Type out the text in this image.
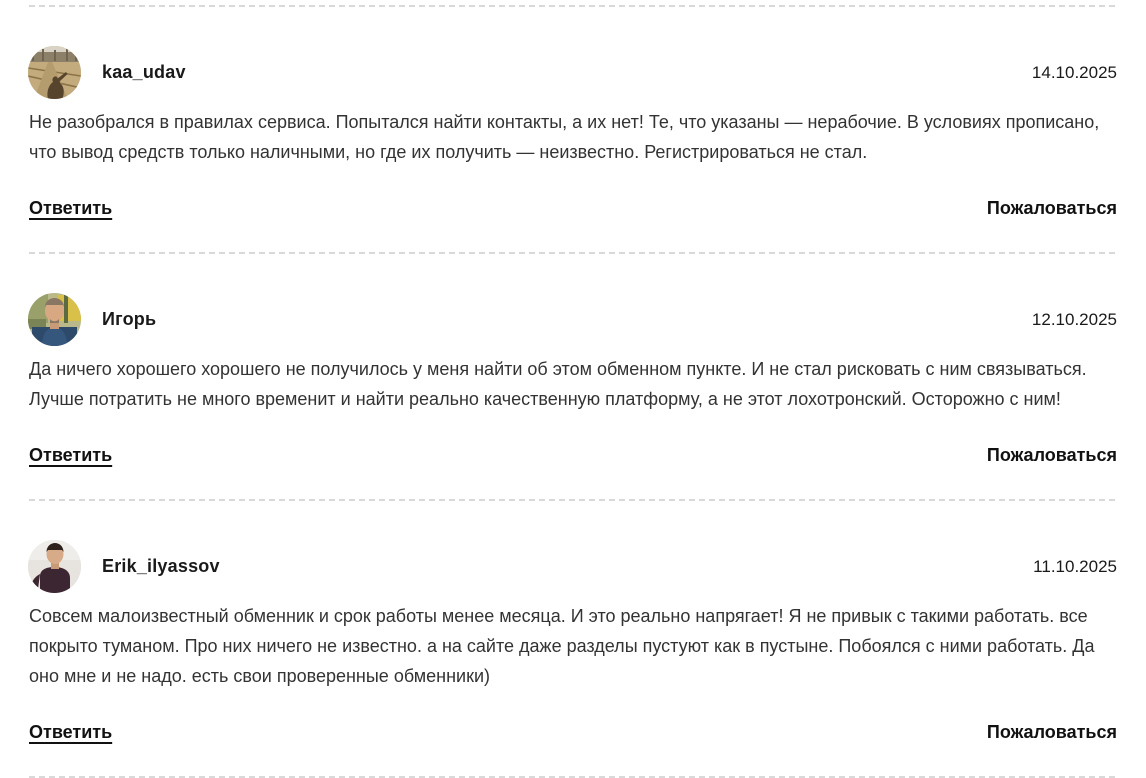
kaa_udav	14.10.2025
Не разобрался в правилах сервиса. Попытался найти контакты, а их нет! Те, что указаны — нерабочие. В условиях прописано, что вывод средств только наличными, но где их получить — неизвестно. Регистрироваться не стал.
Ответить	Пожаловаться
Игорь	12.10.2025
Да ничего хорошего хорошего не получилось у меня найти об этом обменном пункте. И не стал рисковать с ним связываться. Лучше потратить не много временит и найти реально качественную платформу, а не этот лохотронский. Осторожно с ним!
Ответить	Пожаловаться
Erik_ilyassov	11.10.2025
Совсем малоизвестный обменник и срок работы менее месяца. И это реально напрягает! Я не привык с такими работать. все покрыто туманом. Про них ничего не известно. а на сайте даже разделы пустуют как в пустыне. Побоялся с ними работать. Да оно мне и не надо. есть свои проверенные обменники)
Ответить	Пожаловаться
